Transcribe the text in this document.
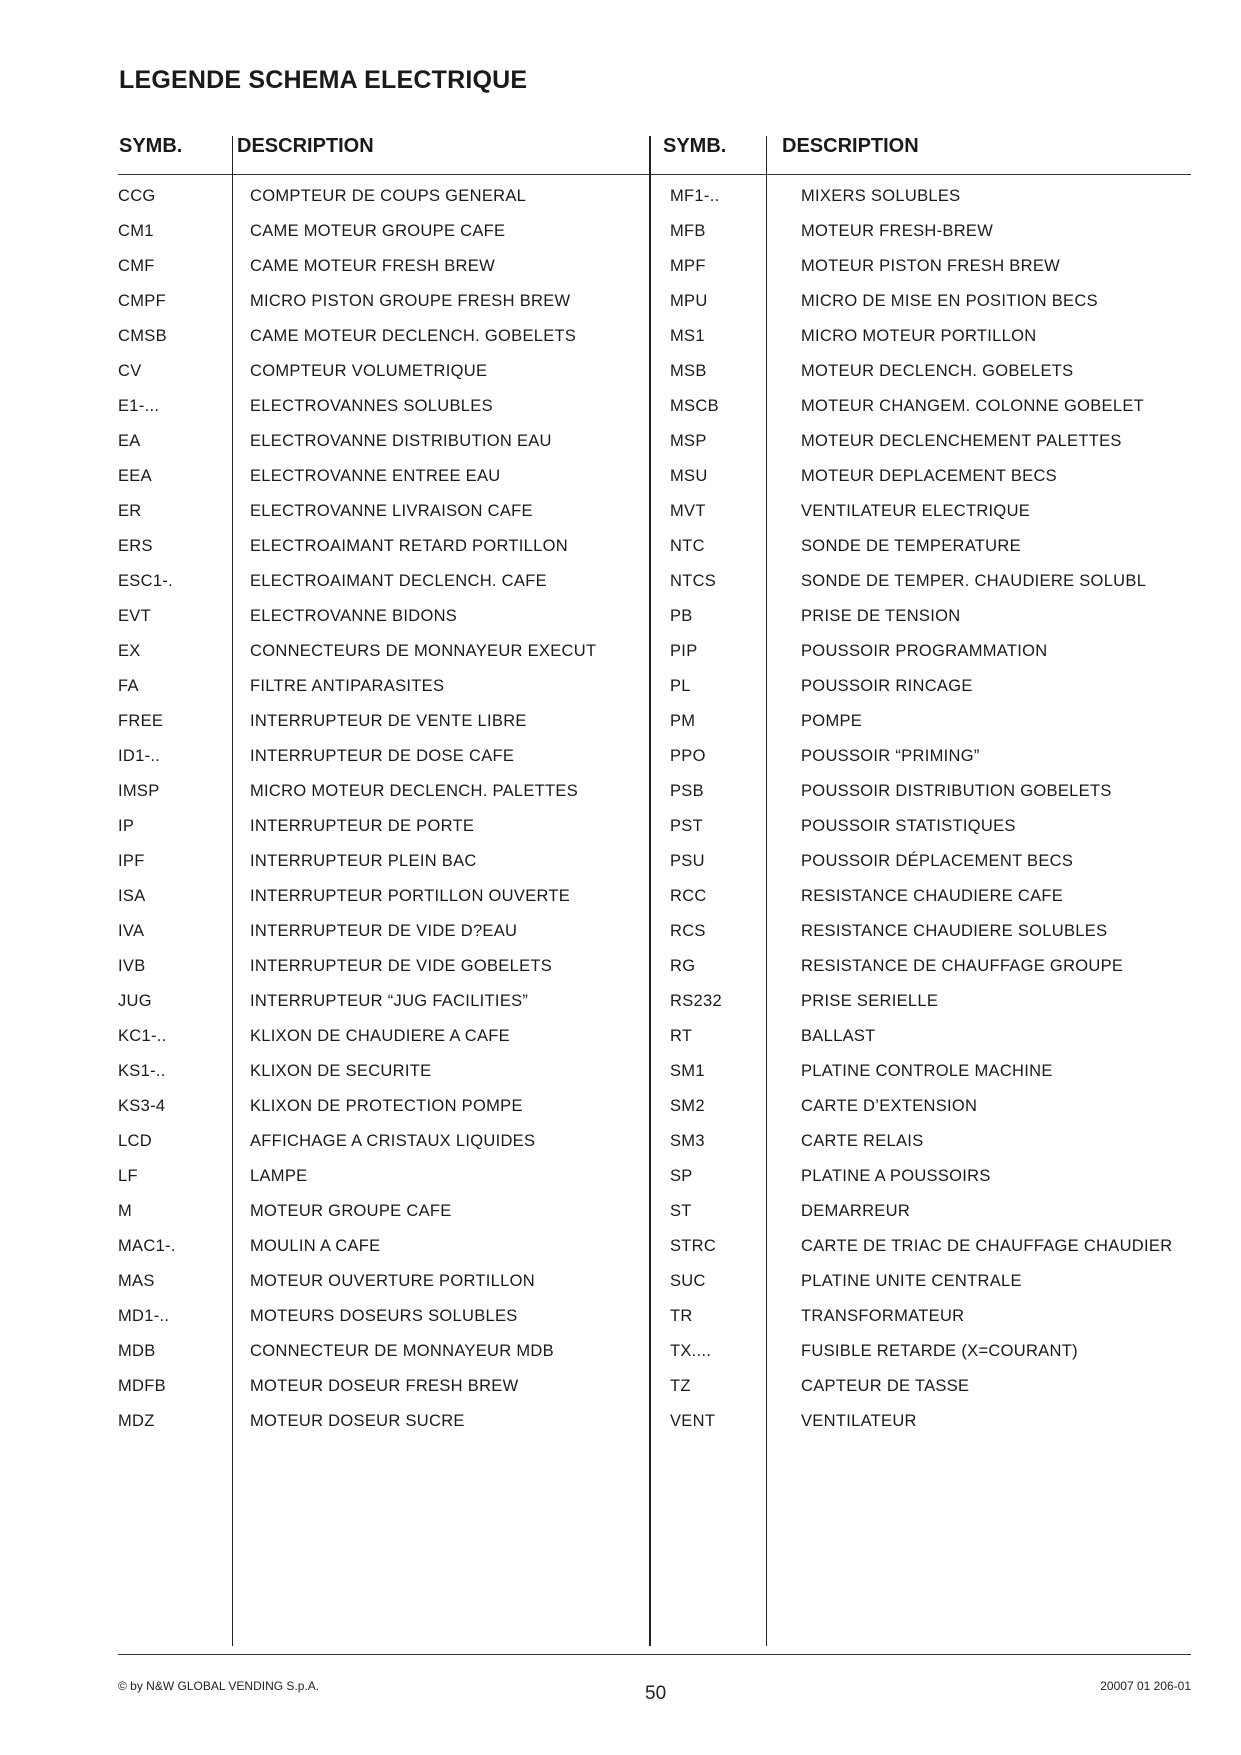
LEGENDE SCHEMA ELECTRIQUE
SYMB.	DESCRIPTION	SYMB.	DESCRIPTION
CCG	COMPTEUR DE COUPS GENERAL	MF1-..	MIXERS SOLUBLES
CM1	CAME MOTEUR GROUPE CAFE	MFB	MOTEUR FRESH-BREW
CMF	CAME MOTEUR FRESH BREW	MPF	MOTEUR PISTON FRESH BREW
CMPF	MICRO PISTON GROUPE FRESH BREW	MPU	MICRO DE MISE EN POSITION BECS
CMSB	CAME MOTEUR DECLENCH. GOBELETS	MS1	MICRO MOTEUR PORTILLON
CV	COMPTEUR VOLUMETRIQUE	MSB	MOTEUR DECLENCH. GOBELETS
E1-...	ELECTROVANNES SOLUBLES	MSCB	MOTEUR CHANGEM. COLONNE GOBELET
EA	ELECTROVANNE DISTRIBUTION EAU	MSP	MOTEUR DECLENCHEMENT PALETTES
EEA	ELECTROVANNE ENTREE EAU	MSU	MOTEUR DEPLACEMENT BECS
ER	ELECTROVANNE LIVRAISON CAFE	MVT	VENTILATEUR ELECTRIQUE
ERS	ELECTROAIMANT RETARD PORTILLON	NTC	SONDE DE TEMPERATURE
ESC1-.	ELECTROAIMANT DECLENCH. CAFE	NTCS	SONDE DE TEMPER. CHAUDIERE SOLUBL
EVT	ELECTROVANNE BIDONS	PB	PRISE DE TENSION
EX	CONNECTEURS DE MONNAYEUR EXECUT	PIP	POUSSOIR PROGRAMMATION
FA	FILTRE ANTIPARASITES	PL	POUSSOIR RINCAGE
FREE	INTERRUPTEUR DE VENTE LIBRE	PM	POMPE
ID1-..	INTERRUPTEUR DE DOSE CAFE	PPO	POUSSOIR “PRIMING”
IMSP	MICRO MOTEUR DECLENCH. PALETTES	PSB	POUSSOIR DISTRIBUTION GOBELETS
IP	INTERRUPTEUR DE PORTE	PST	POUSSOIR STATISTIQUES
IPF	INTERRUPTEUR PLEIN BAC	PSU	POUSSOIR DÉPLACEMENT BECS
ISA	INTERRUPTEUR PORTILLON OUVERTE	RCC	RESISTANCE CHAUDIERE CAFE
IVA	INTERRUPTEUR DE VIDE D?EAU	RCS	RESISTANCE CHAUDIERE SOLUBLES
IVB	INTERRUPTEUR DE VIDE GOBELETS	RG	RESISTANCE DE CHAUFFAGE GROUPE
JUG	INTERRUPTEUR “JUG FACILITIES”	RS232	PRISE SERIELLE
KC1-..	KLIXON DE CHAUDIERE A CAFE	RT	BALLAST
KS1-..	KLIXON DE SECURITE	SM1	PLATINE CONTROLE MACHINE
KS3-4	KLIXON DE PROTECTION POMPE	SM2	CARTE D’EXTENSION
LCD	AFFICHAGE A CRISTAUX LIQUIDES	SM3	CARTE RELAIS
LF	LAMPE	SP	PLATINE A POUSSOIRS
M	MOTEUR GROUPE CAFE	ST	DEMARREUR
MAC1-.	MOULIN A CAFE	STRC	CARTE DE TRIAC DE CHAUFFAGE CHAUDIER
MAS	MOTEUR OUVERTURE PORTILLON	SUC	PLATINE UNITE CENTRALE
MD1-..	MOTEURS DOSEURS SOLUBLES	TR	TRANSFORMATEUR
MDB	CONNECTEUR DE MONNAYEUR MDB	TX....	FUSIBLE RETARDE (X=COURANT)
MDFB	MOTEUR DOSEUR FRESH BREW	TZ	CAPTEUR DE TASSE
MDZ	MOTEUR DOSEUR SUCRE	VENT	VENTILATEUR
© by N&W GLOBAL VENDING S.p.A.	50	20007 01 206-01
